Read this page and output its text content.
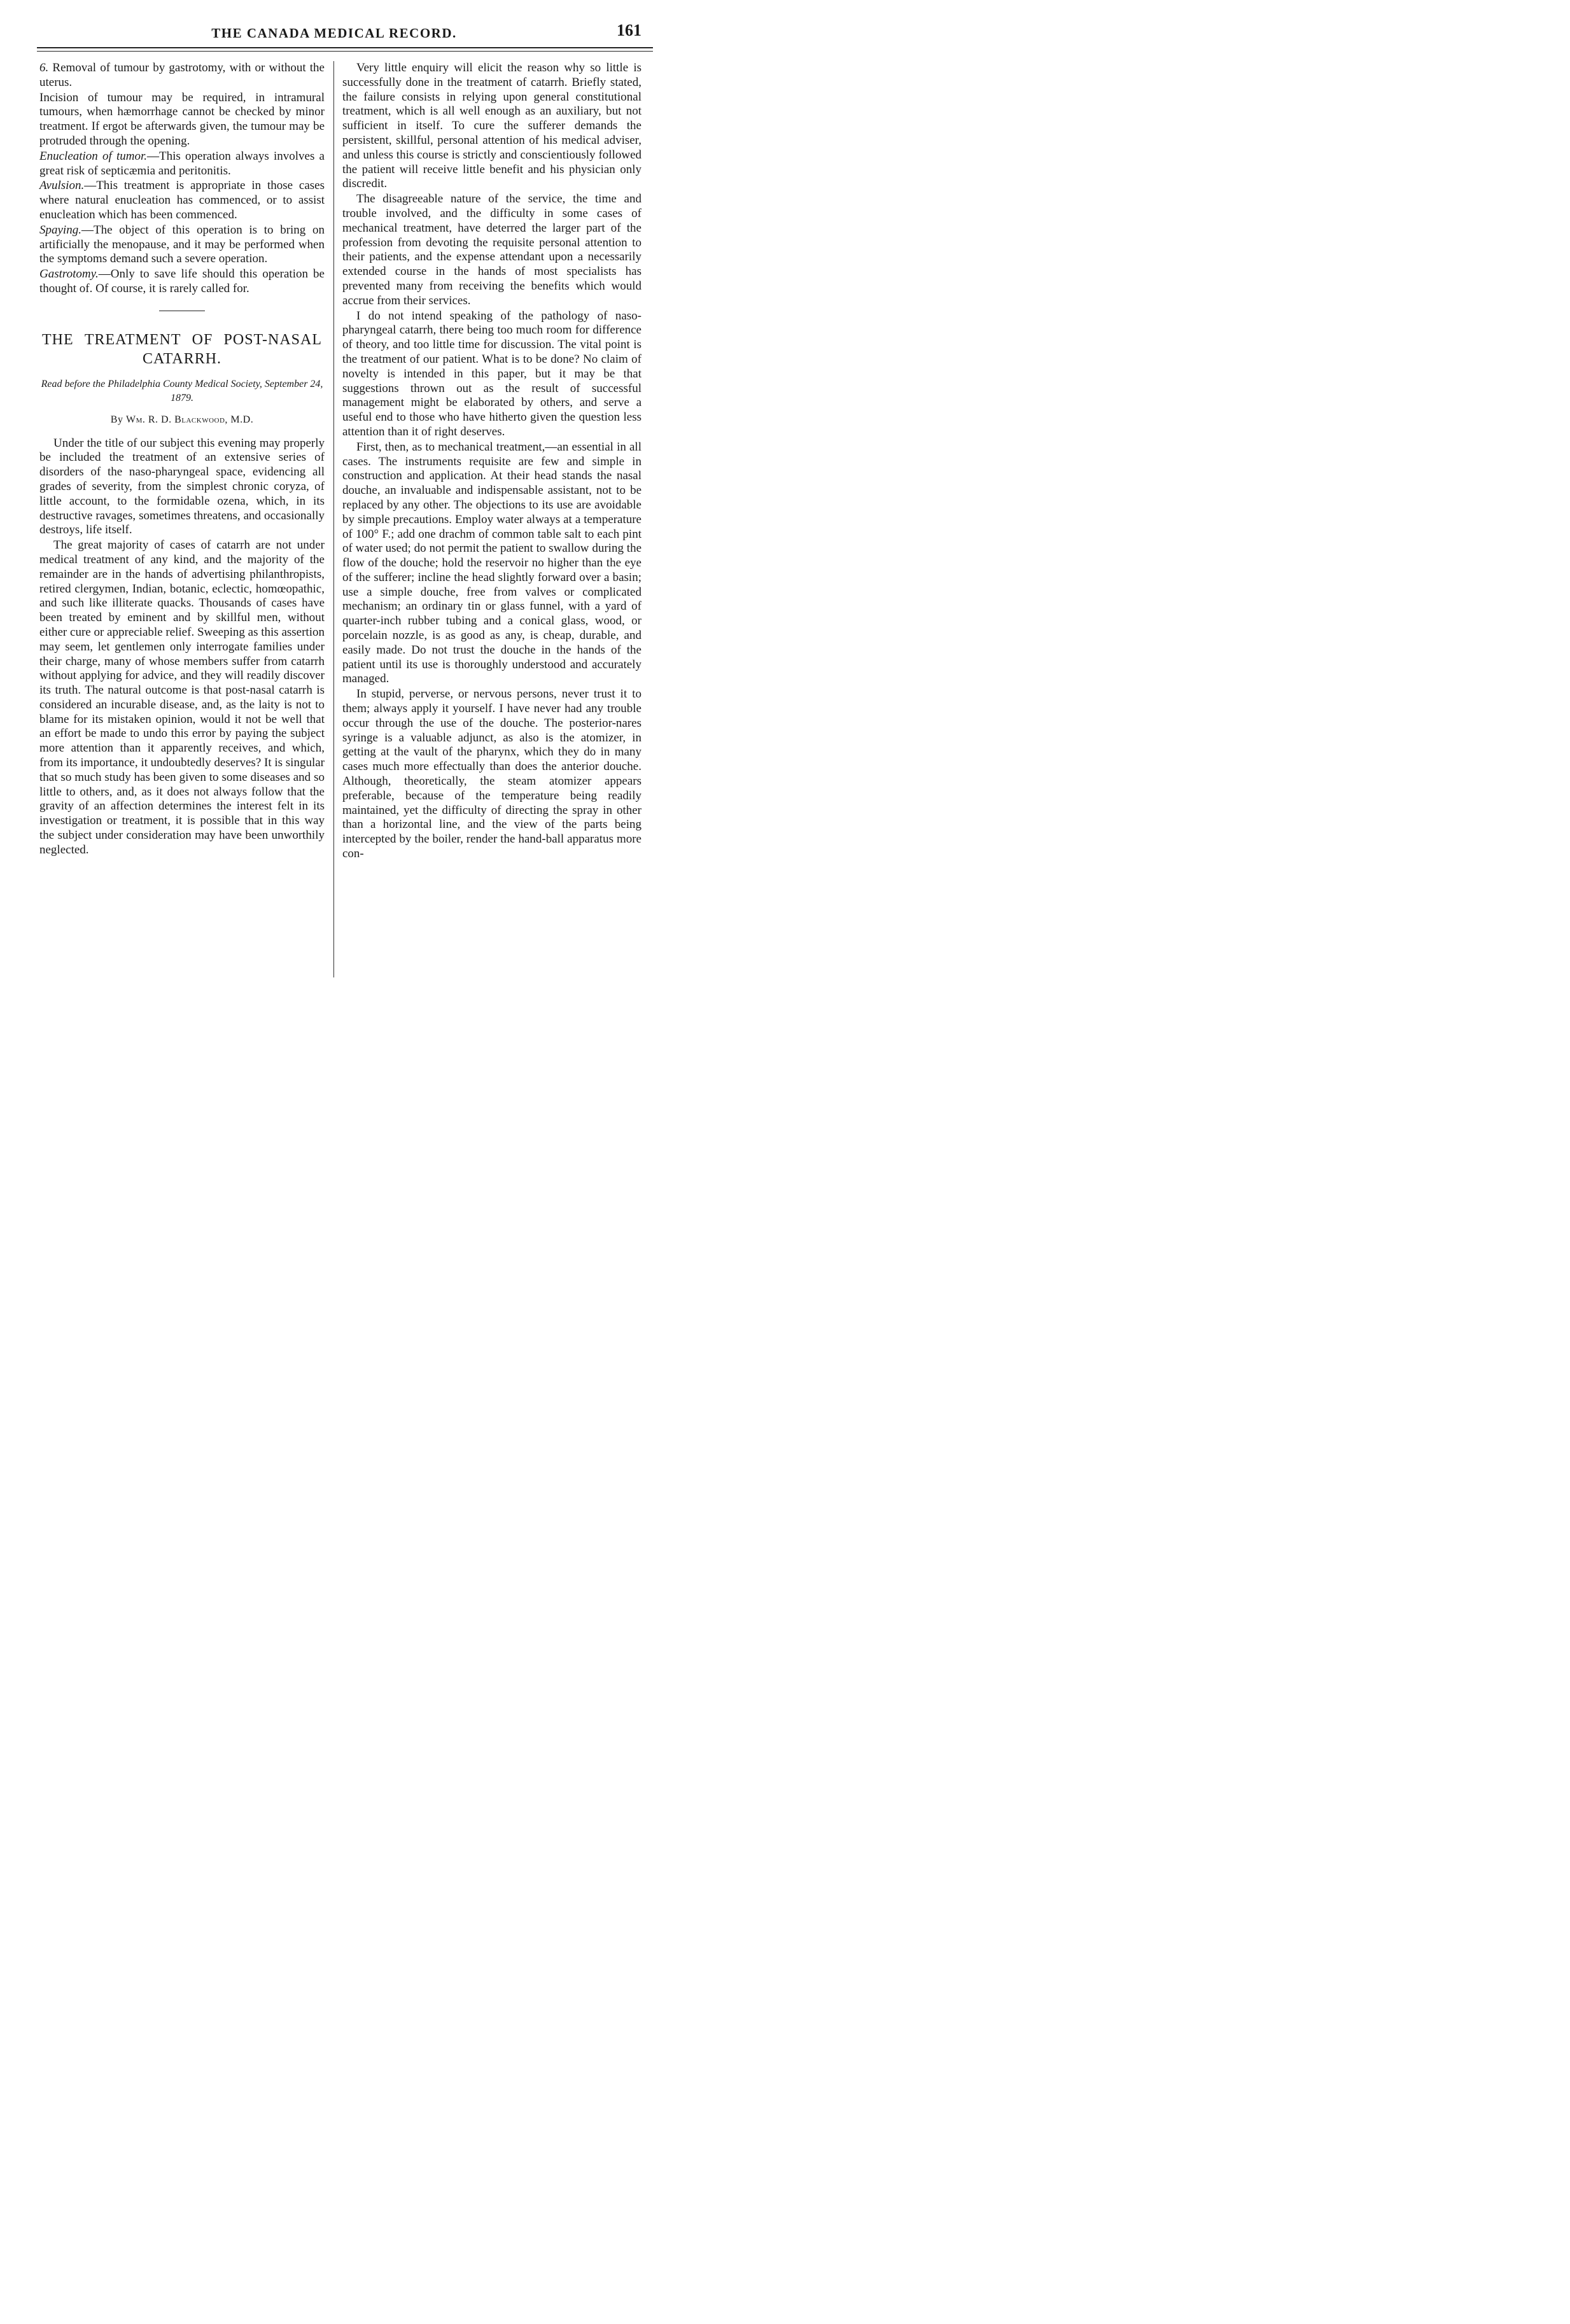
THE CANADA MEDICAL RECORD.	161

6. Removal of tumour by gastrotomy, with or without the uterus.

Incision of tumour may be required, in intramural tumours, when hæmorrhage cannot be checked by minor treatment. If ergot be afterwards given, the tumour may be protruded through the opening.

Enucleation of tumor.—This operation always involves a great risk of septicæmia and peritonitis.

Avulsion.—This treatment is appropriate in those cases where natural enucleation has commenced, or to assist enucleation which has been commenced.

Spaying.—The object of this operation is to bring on artificially the menopause, and it may be performed when the symptoms demand such a severe operation.

Gastrotomy.—Only to save life should this operation be thought of. Of course, it is rarely called for.

THE TREATMENT OF POST-NASAL
CATARRH.
Read before the Philadelphia County Medical Society, September 24, 1879.
By Wm. R. D. Blackwood, M.D.

Under the title of our subject this evening may properly be included the treatment of an extensive series of disorders of the naso-pharyngeal space, evidencing all grades of severity, from the simplest chronic coryza, of little account, to the formidable ozena, which, in its destructive ravages, sometimes threatens, and occasionally destroys, life itself.

The great majority of cases of catarrh are not under medical treatment of any kind, and the majority of the remainder are in the hands of advertising philanthropists, retired clergymen, Indian, botanic, eclectic, homœopathic, and such like illiterate quacks. Thousands of cases have been treated by eminent and by skillful men, without either cure or appreciable relief. Sweeping as this assertion may seem, let gentlemen only interrogate families under their charge, many of whose members suffer from catarrh without applying for advice, and they will readily discover its truth. The natural outcome is that post-nasal catarrh is considered an incurable disease, and, as the laity is not to blame for its mistaken opinion, would it not be well that an effort be made to undo this error by paying the subject more attention than it apparently receives, and which, from its importance, it undoubtedly deserves? It is singular that so much study has been given to some diseases and so little to others, and, as it does not always follow that the gravity of an affection determines the interest felt in its investigation or treatment, it is possible that in this way the subject under consideration may have been unworthily neglected.

Very little enquiry will elicit the reason why so little is successfully done in the treatment of catarrh. Briefly stated, the failure consists in relying upon general constitutional treatment, which is all well enough as an auxiliary, but not sufficient in itself. To cure the sufferer demands the persistent, skillful, personal attention of his medical adviser, and unless this course is strictly and conscientiously followed the patient will receive little benefit and his physician only discredit.

The disagreeable nature of the service, the time and trouble involved, and the difficulty in some cases of mechanical treatment, have deterred the larger part of the profession from devoting the requisite personal attention to their patients, and the expense attendant upon a necessarily extended course in the hands of most specialists has prevented many from receiving the benefits which would accrue from their services.

I do not intend speaking of the pathology of naso-pharyngeal catarrh, there being too much room for difference of theory, and too little time for discussion. The vital point is the treatment of our patient. What is to be done? No claim of novelty is intended in this paper, but it may be that suggestions thrown out as the result of successful management might be elaborated by others, and serve a useful end to those who have hitherto given the question less attention than it of right deserves.

First, then, as to mechanical treatment,—an essential in all cases. The instruments requisite are few and simple in construction and application. At their head stands the nasal douche, an invaluable and indispensable assistant, not to be replaced by any other. The objections to its use are avoidable by simple precautions. Employ water always at a temperature of 100° F.; add one drachm of common table salt to each pint of water used; do not permit the patient to swallow during the flow of the douche; hold the reservoir no higher than the eye of the sufferer; incline the head slightly forward over a basin; use a simple douche, free from valves or complicated mechanism; an ordinary tin or glass funnel, with a yard of quarter-inch rubber tubing and a conical glass, wood, or porcelain nozzle, is as good as any, is cheap, durable, and easily made. Do not trust the douche in the hands of the patient until its use is thoroughly understood and accurately managed.

In stupid, perverse, or nervous persons, never trust it to them; always apply it yourself. I have never had any trouble occur through the use of the douche. The posterior-nares syringe is a valuable adjunct, as also is the atomizer, in getting at the vault of the pharynx, which they do in many cases much more effectually than does the anterior douche. Although, theoretically, the steam atomizer appears preferable, because of the temperature being readily maintained, yet the difficulty of directing the spray in other than a horizontal line, and the view of the parts being intercepted by the boiler, render the hand-ball apparatus more con-
